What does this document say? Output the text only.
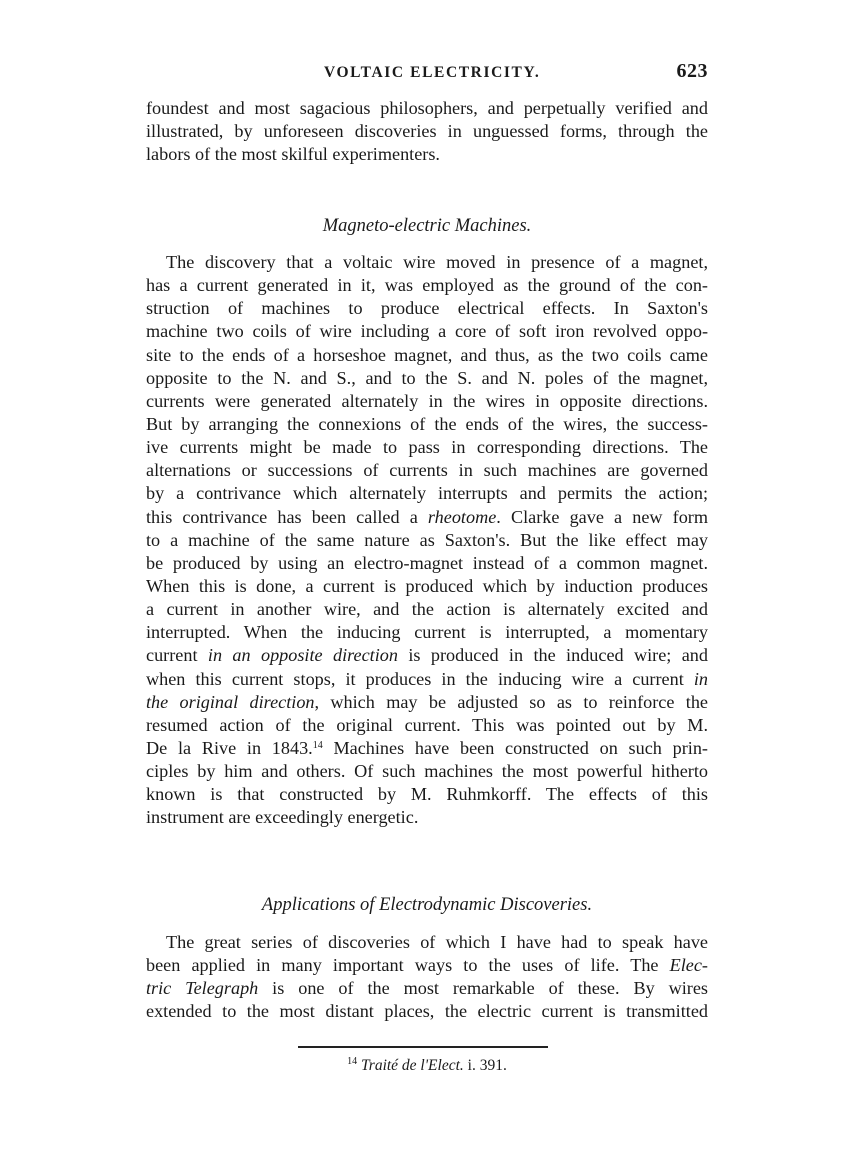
VOLTAIC ELECTRICITY.	623
foundest and most sagacious philosophers, and perpetually verified and
illustrated, by unforeseen discoveries in unguessed forms, through the
labors of the most skilful experimenters.
Magneto-electric Machines.
The discovery that a voltaic wire moved in presence of a magnet,
has a current generated in it, was employed as the ground of the con-
struction of machines to produce electrical effects. In Saxton's
machine two coils of wire including a core of soft iron revolved oppo-
site to the ends of a horseshoe magnet, and thus, as the two coils came
opposite to the N. and S., and to the S. and N. poles of the magnet,
currents were generated alternately in the wires in opposite directions.
But by arranging the connexions of the ends of the wires, the success-
ive currents might be made to pass in corresponding directions. The
alternations or successions of currents in such machines are governed
by a contrivance which alternately interrupts and permits the action;
this contrivance has been called a rheotome. Clarke gave a new form
to a machine of the same nature as Saxton's. But the like effect may
be produced by using an electro-magnet instead of a common magnet.
When this is done, a current is produced which by induction produces
a current in another wire, and the action is alternately excited and
interrupted. When the inducing current is interrupted, a momentary
current in an opposite direction is produced in the induced wire; and
when this current stops, it produces in the inducing wire a current in
the original direction, which may be adjusted so as to reinforce the
resumed action of the original current. This was pointed out by M.
De la Rive in 1843.14 Machines have been constructed on such prin-
ciples by him and others. Of such machines the most powerful hitherto
known is that constructed by M. Ruhmkorff. The effects of this
instrument are exceedingly energetic.
Applications of Electrodynamic Discoveries.
The great series of discoveries of which I have had to speak have
been applied in many important ways to the uses of life. The Elec-
tric Telegraph is one of the most remarkable of these. By wires
extended to the most distant places, the electric current is transmitted
$^{14}$ Traité de l'Elect. i. 391.
